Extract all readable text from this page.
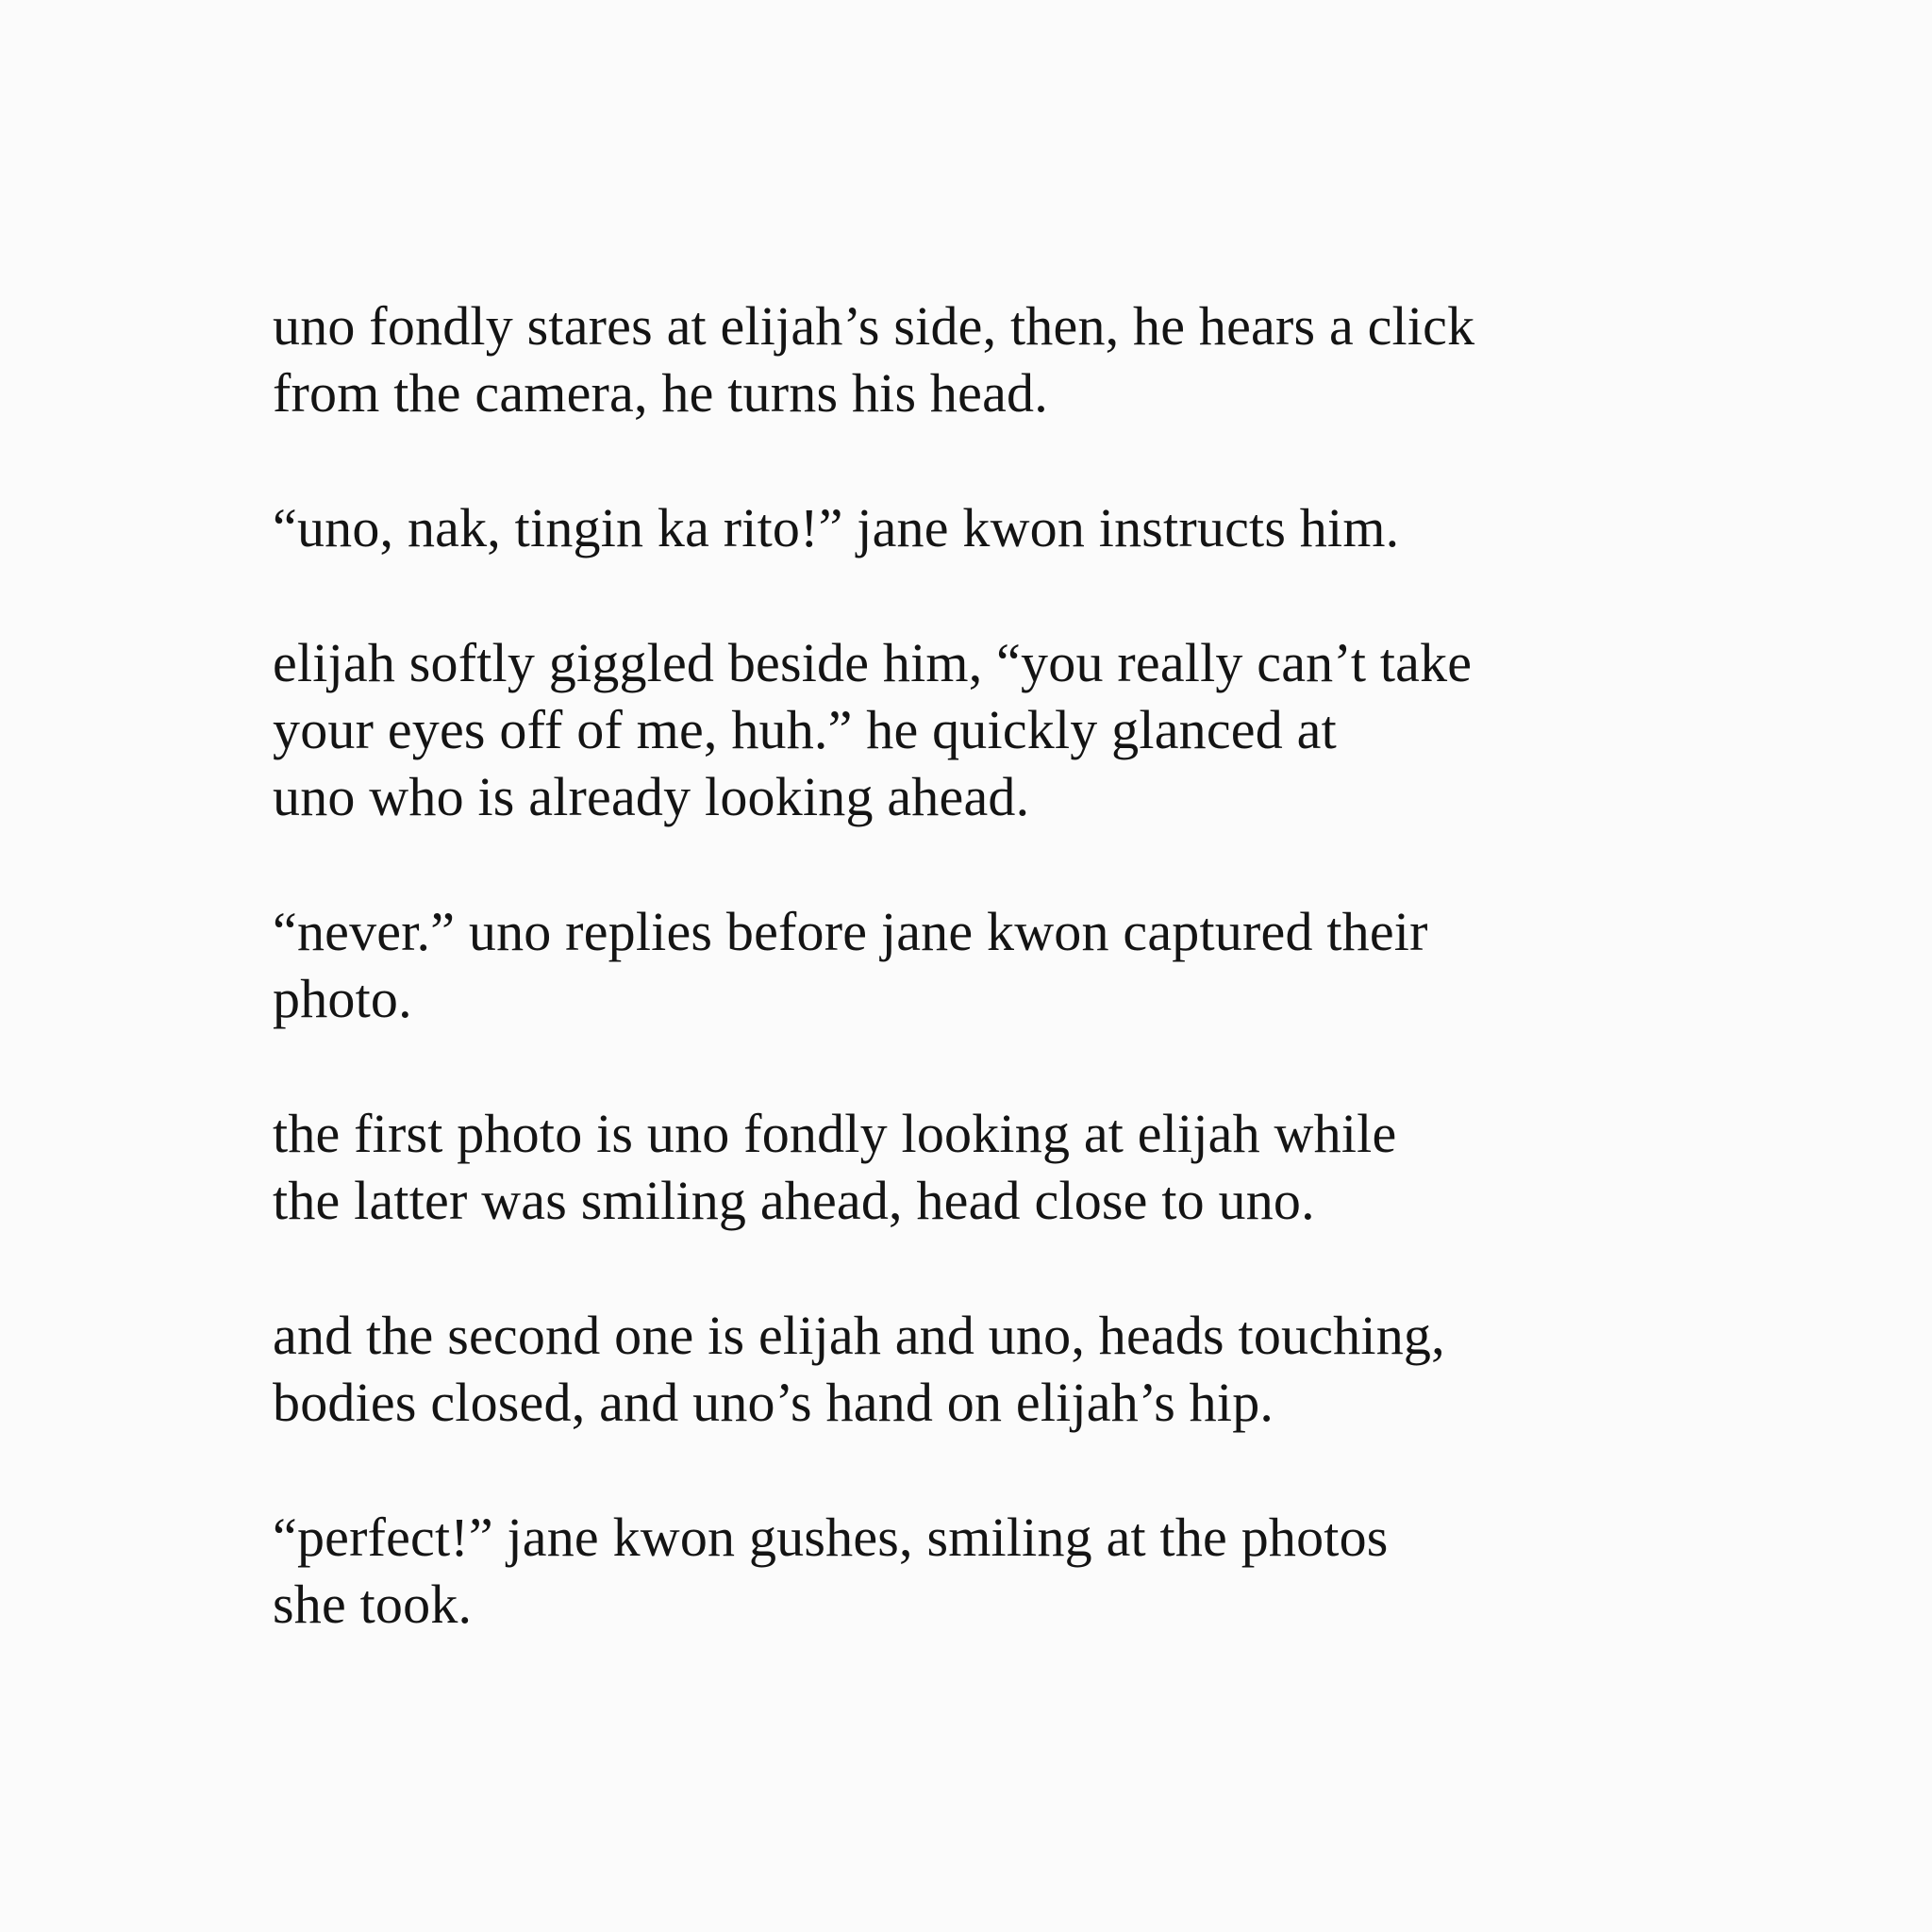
uno fondly stares at elijah’s side, then, he hears a click
from the camera, he turns his head.

“uno, nak, tingin ka rito!” jane kwon instructs him.

elijah softly giggled beside him, “you really can’t take
your eyes off of me, huh.” he quickly glanced at
uno who is already looking ahead.

“never.” uno replies before jane kwon captured their
photo.

the first photo is uno fondly looking at elijah while
the latter was smiling ahead, head close to uno.

and the second one is elijah and uno, heads touching,
bodies closed, and uno’s hand on elijah’s hip.

“perfect!” jane kwon gushes, smiling at the photos
she took.
